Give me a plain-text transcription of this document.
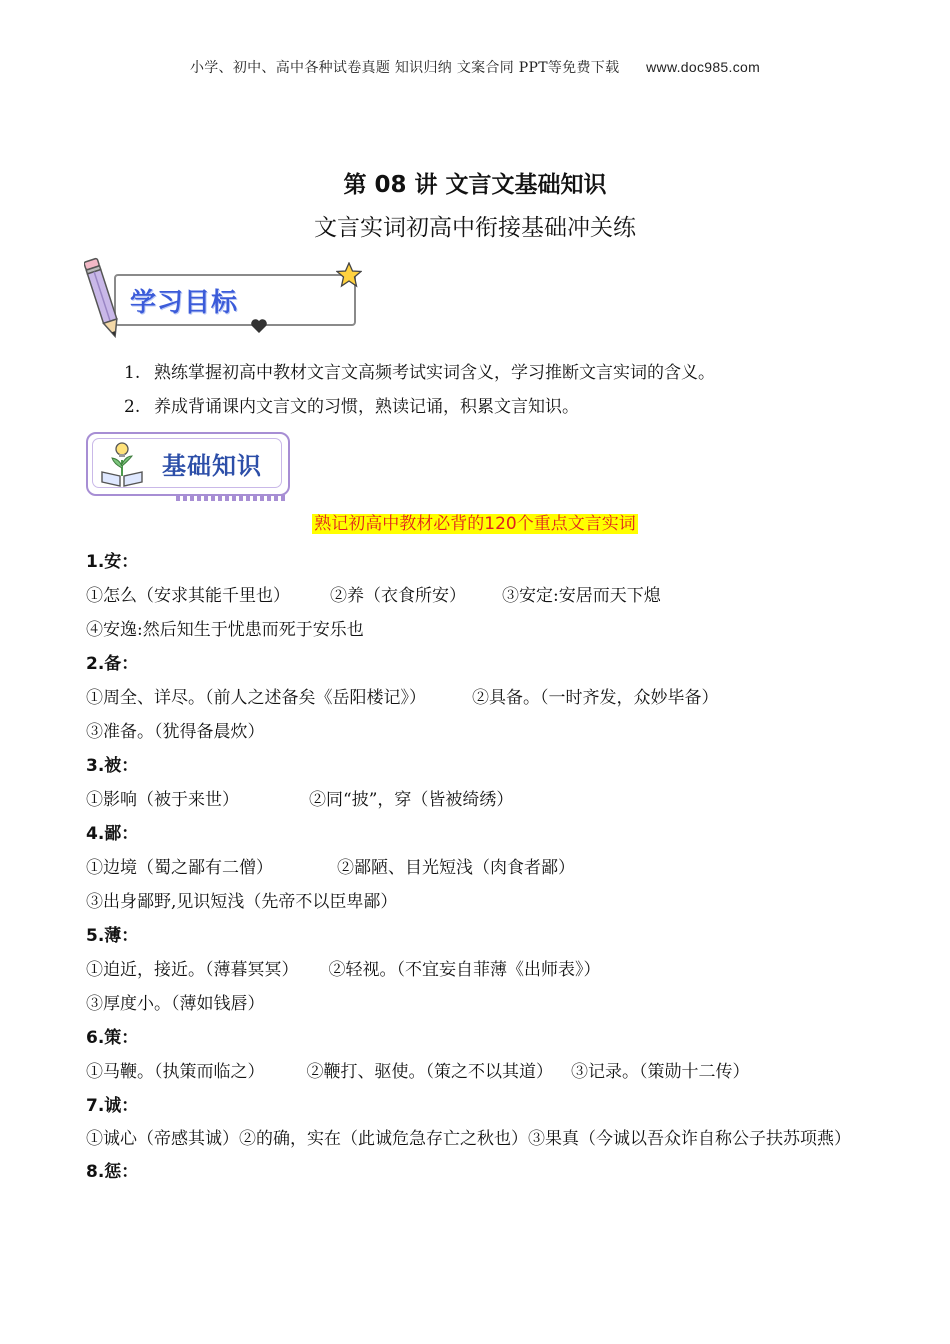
小学、初中、高中各种试卷真题 知识归纳 文案合同 PPT等免费下载 www.doc985.com
第 08 讲 文言文基础知识
文言实词初高中衔接基础冲关练
学习目标
1. 熟练掌握初高中教材文言文高频考试实词含义，学习推断文言实词的含义。
2. 养成背诵课内文言文的习惯，熟读记诵，积累文言知识。
基础知识
熟记初高中教材必背的120个重点文言实词
1.安：
①怎么（安求其能千里也） ②养（衣食所安） ③安定:安居而天下熄
④安逸:然后知生于忧患而死于安乐也
2.备：
①周全、详尽。（前人之述备矣《岳阳楼记》）	②具备。（一时齐发，众妙毕备）
③准备。（犹得备晨炊）
3.被：
①影响（被于来世）	②同“披”，穿（皆被绮绣）
4.鄙：
①边境（蜀之鄙有二僧）	②鄙陋、目光短浅（肉食者鄙）
③出身鄙野,见识短浅（先帝不以臣卑鄙）
5.薄：
①迫近，接近。（薄暮冥冥） ②轻视。（不宜妄自菲薄《出师表》）
③厚度小。（薄如钱唇）
6.策：
①马鞭。（执策而临之） ②鞭打、驱使。（策之不以其道） ③记录。（策勋十二传）
7.诚：
①诚心（帝感其诚）②的确，实在（此诚危急存亡之秋也）③果真（今诚以吾众诈自称公子扶苏项燕）
8.惩：
